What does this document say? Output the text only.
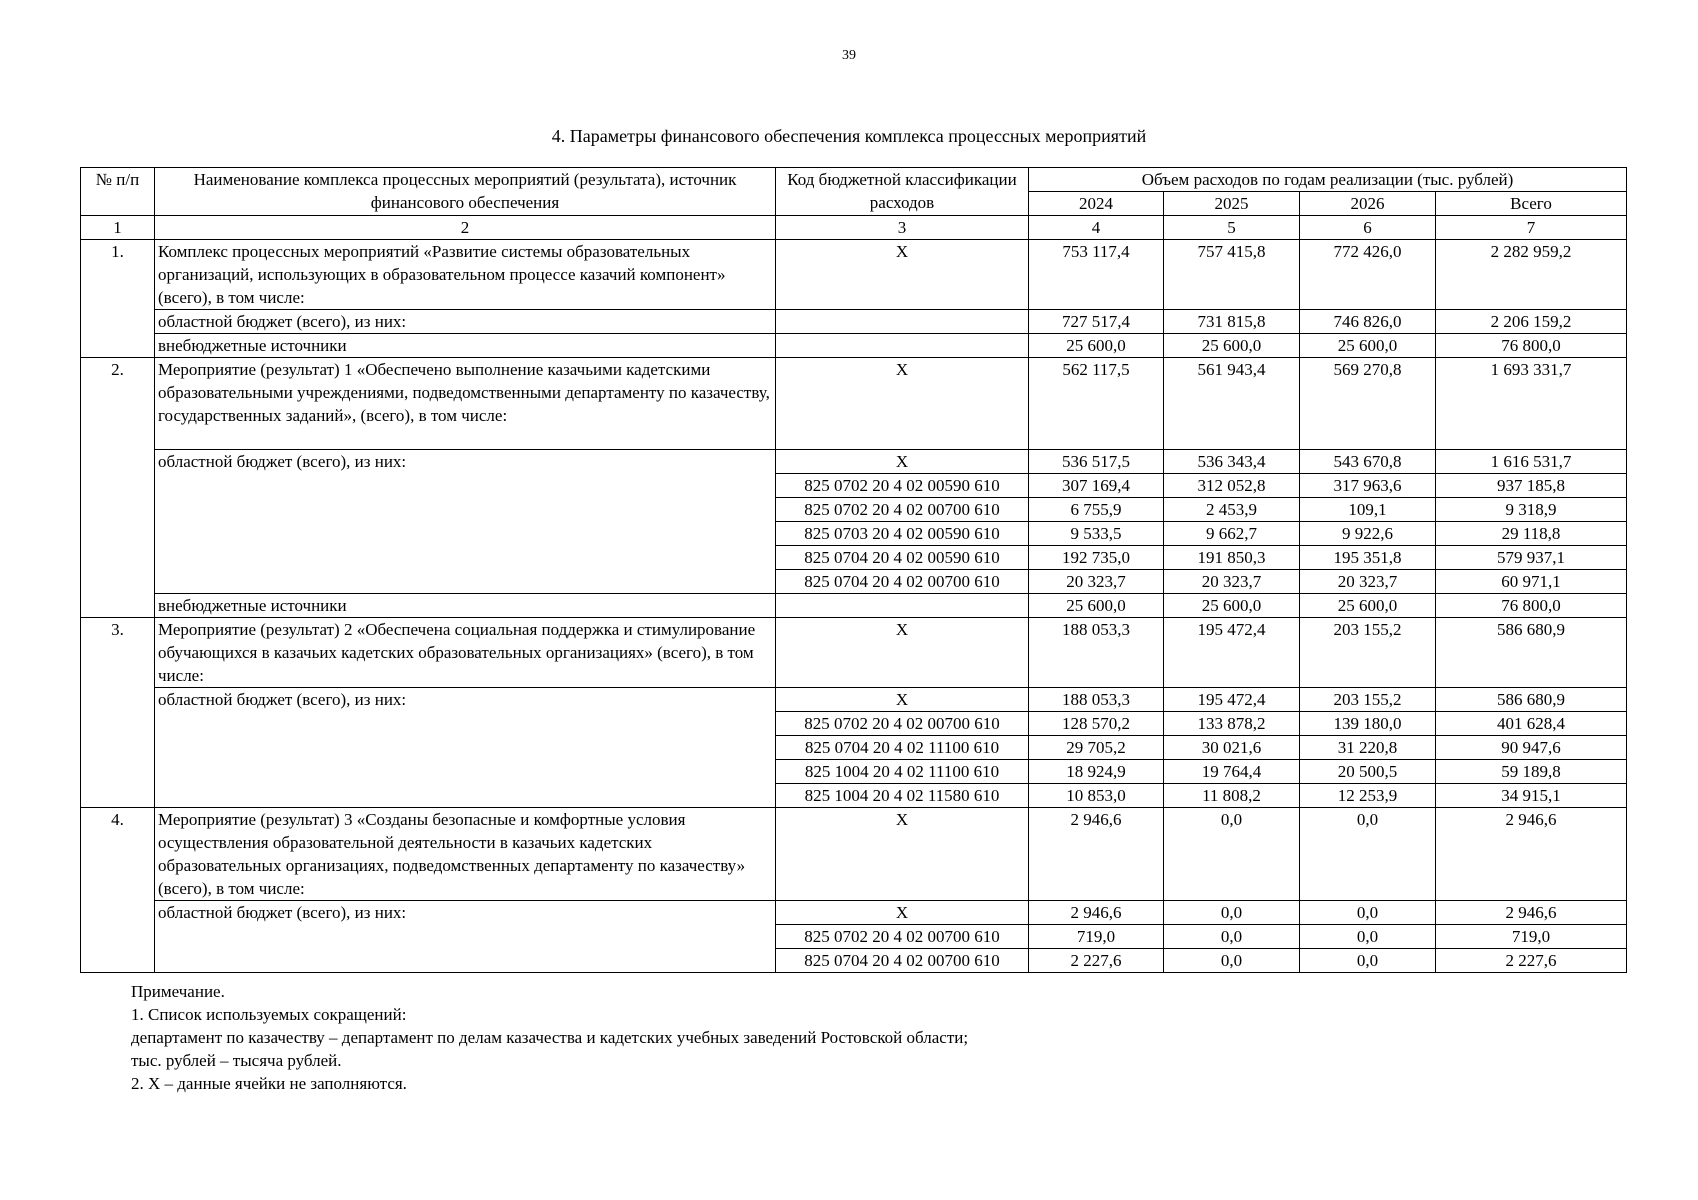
39
4. Параметры финансового обеспечения комплекса процессных мероприятий
№ п/п	Наименование комплекса процессных мероприятий (результата), источник финансового обеспечения	Код бюджетной классификации расходов	Объем расходов по годам реализации (тыс. рублей)			
			2024	2025	2026	Всего
1	2	3	4	5	6	7
1.	Комплекс процессных мероприятий «Развитие системы образовательных организаций, использующих в образовательном процессе казачий компонент» (всего), в том числе:	Х	753 117,4	757 415,8	772 426,0	2 282 959,2
	областной бюджет (всего), из них:		727 517,4	731 815,8	746 826,0	2 206 159,2
	внебюджетные источники		25 600,0	25 600,0	25 600,0	76 800,0
2.	Мероприятие (результат) 1 «Обеспечено выполнение казачьими кадетскими образовательными учреждениями, подведомственными департаменту по казачеству, государственных заданий», (всего), в том числе:	Х	562 117,5	561 943,4	569 270,8	1 693 331,7
	областной бюджет (всего), из них:	Х	536 517,5	536 343,4	543 670,8	1 616 531,7
		825 0702 20 4 02 00590 610	307 169,4	312 052,8	317 963,6	937 185,8
		825 0702 20 4 02 00700 610	6 755,9	2 453,9	109,1	9 318,9
		825 0703 20 4 02 00590 610	9 533,5	9 662,7	9 922,6	29 118,8
		825 0704 20 4 02 00590 610	192 735,0	191 850,3	195 351,8	579 937,1
		825 0704 20 4 02 00700 610	20 323,7	20 323,7	20 323,7	60 971,1
	внебюджетные источники		25 600,0	25 600,0	25 600,0	76 800,0
3.	Мероприятие (результат) 2 «Обеспечена социальная поддержка и стимулирование обучающихся в казачьих кадетских образовательных организациях» (всего), в том числе:	Х	188 053,3	195 472,4	203 155,2	586 680,9
	областной бюджет (всего), из них:	Х	188 053,3	195 472,4	203 155,2	586 680,9
		825 0702 20 4 02 00700 610	128 570,2	133 878,2	139 180,0	401 628,4
		825 0704 20 4 02 11100 610	29 705,2	30 021,6	31 220,8	90 947,6
		825 1004 20 4 02 11100 610	18 924,9	19 764,4	20 500,5	59 189,8
		825 1004 20 4 02 11580 610	10 853,0	11 808,2	12 253,9	34 915,1
4.	Мероприятие (результат) 3 «Созданы безопасные и комфортные условия осуществления образовательной деятельности в казачьих кадетских образовательных организациях, подведомственных департаменту по казачеству» (всего), в том числе:	Х	2 946,6	0,0	0,0	2 946,6
	областной бюджет (всего), из них:	Х	2 946,6	0,0	0,0	2 946,6
		825 0702 20 4 02 00700 610	719,0	0,0	0,0	719,0
		825 0704 20 4 02 00700 610	2 227,6	0,0	0,0	2 227,6
Примечание.
1. Список используемых сокращений:
департамент по казачеству – департамент по делам казачества и кадетских учебных заведений Ростовской области;
тыс. рублей – тысяча рублей.
2. Х – данные ячейки не заполняются.
